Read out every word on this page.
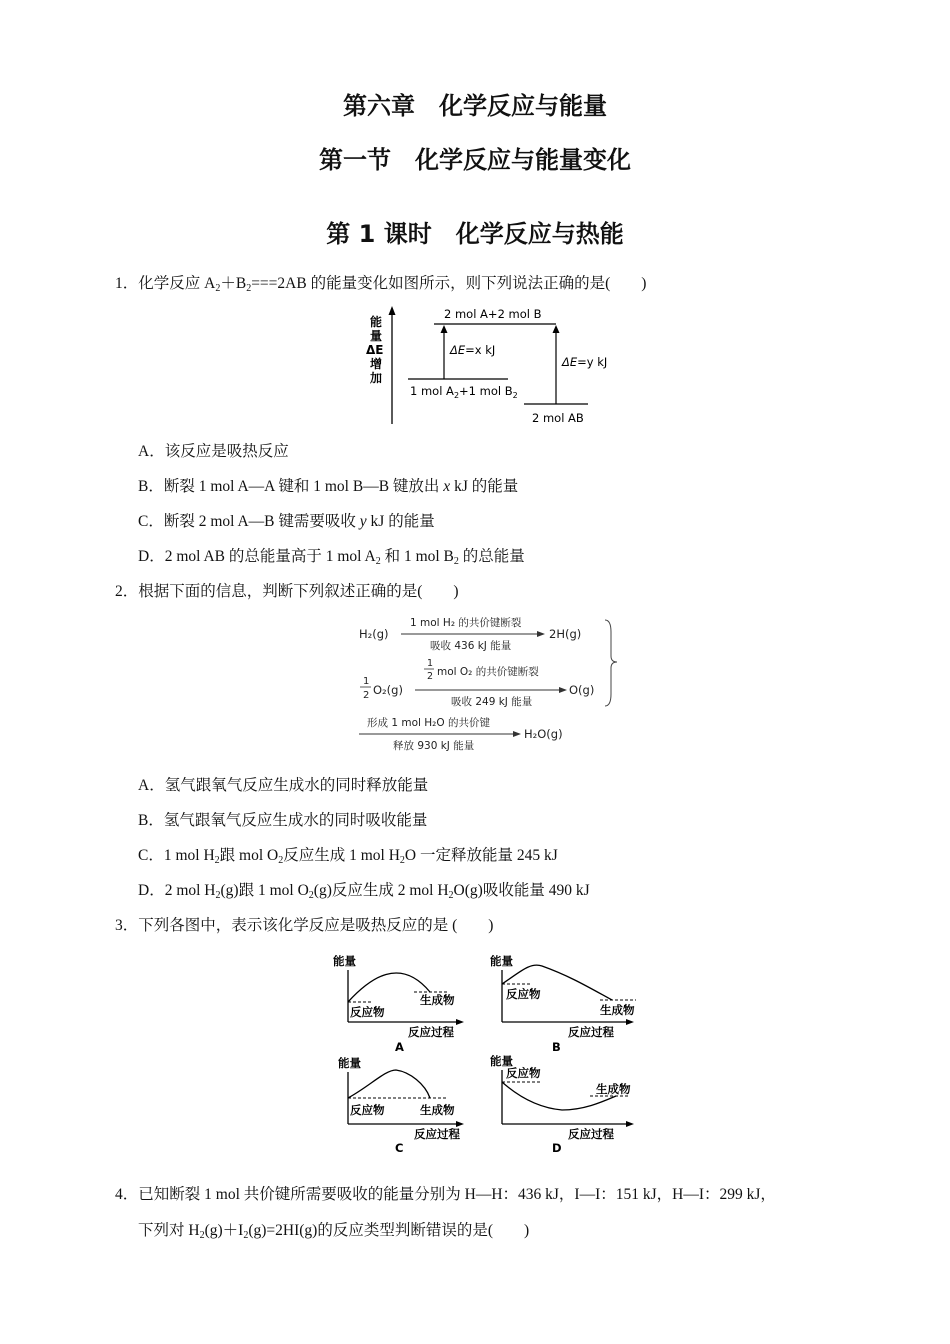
第六章　化学反应与能量
第一节　化学反应与能量变化
第 1 课时　化学反应与热能
1．化学反应 $A_2+B_2===2AB$ 的能量变化如图所示，则下列说法正确的是(　　)
能
量
ΔE
增
加
2 mol A+2 mol B
1 mol $A_2+1$ mol $B_2$
ΔE=x kJ
2 mol AB
ΔE=y kJ
A．该反应是吸热反应
B．断裂 1 mol A—A 键和 1 mol B—B 键放出 x kJ 的能量
C．断裂 2 mol A—B 键需要吸收 y kJ 的能量
D．2 mol AB 的总能量高于 1 mol $A_2$ 和 1 mol $B_2$ 的总能量
2．根据下面的信息，判断下列叙述正确的是(　　)
H₂(g)
1 mol H₂ 的共价键断裂
吸收 436 kJ 能量
2H(g)
1
2 O₂(g)
1
2 mol O₂ 的共价键断裂
吸收 249 kJ 能量
O(g)
形成 1 mol H₂O 的共价键
释放 930 kJ 能量
H₂O(g)
A．氢气跟氧气反应生成水的同时释放能量
B．氢气跟氧气反应生成水的同时吸收能量
C．1 mol $H_2$跟 mol $O_2$反应生成 1 mol $H_2O$ 一定释放能量 245 kJ
D．2 mol $H_2(g)$跟 1 mol $O_2(g)$反应生成 2 mol $H_2O(g)$吸收能量 490 kJ
3．下列各图中，表示该化学反应是吸热反应的是 (　　)
能量
反应物
生成物
反应过程
A
能量
反应物
生成物
反应过程
B
能量
反应物	生成物
反应过程
C
能量
反应物
生成物
反应过程
D
4．已知断裂 1 mol 共价键所需要吸收的能量分别为 H—H：436 kJ，I—I：151 kJ，H—I：299 kJ，
下列对 $H_2(g)+I_2(g)=2HI(g)$的反应类型判断错误的是(　　)
